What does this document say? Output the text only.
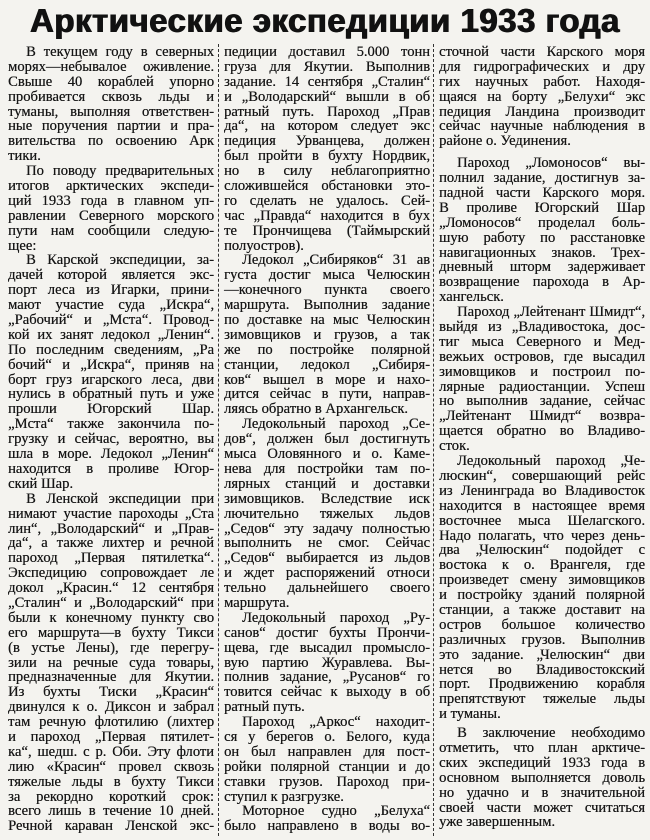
Арктические экспедиции 1933 года
В текущем году в северных
морях—небывалое оживление.
Свыше 40 кораблей упорно
пробивается сквозь льды и
туманы, выполняя ответствен-
ные поручения партии и пра-
вительства по освоению Арк
тики.
По поводу предварительных
итогов арктических экспеди-
ций 1933 года в главном уп-
равлении Северного морского
пути нам сообщили следую-
щее:
В Карской экспедиции, за-
дачей которой является экс-
порт леса из Игарки, прини-
мают участие суда „Искра“,
„Рабочий“ и „Мста“. Провод-
кой их занят ледокол „Ленин“.
По последним сведениям, „Ра
бочий“ и „Искра“, приняв на
борт груз игарского леса, дви
нулись в обратный путь и уже
прошли Югорский Шар.
„Мста“ также закончила по-
грузку и сейчас, вероятно, вы
шла в море. Ледокол „Ленин“
находится в проливе Югор-
ский Шар.
В Ленской экспедиции при
нимают участие пароходы „Ста
лин“, „Володарский“ и „Прав-
да“, а также лихтер и речной
пароход „Первая пятилетка“.
Экспедицию сопровождает ле
докол „Красин.“ 12 сентября
„Сталин“ и „Володарский“ при
были к конечному пункту сво
его маршрута—в бухту Тикси
(в устье Лены), где перегру-
зили на речные суда товары,
предназначенные для Якутии.
Из бухты Тиски „Красин“
двинулся к о. Диксон и забрал
там речную флотилию (лихтер
и пароход „Первая пятилет-
ка“, шедш. с р. Оби. Эту флоти
лию «Красин“ провел сквозь
тяжелые льды в бухту Тикси
за рекордно короткий срок:
всего лишь в течение 10 дней.
Речной караван Ленской экс-
педиции доставил 5.000 тонн
груза для Якутии. Выполнив
задание. 14 сентября „Сталин“
и „Володарский“ вышли в об
ратный путь. Пароход „Прав
да“, на котором следует экс
педиция Урванцева, должен
был пройти в бухту Нордвик,
но в силу неблагоприятно
сложившейся обстановки это-
го сделать не удалось. Сей-
час „Правда“ находится в бух
те Прончищева (Таймырский
полуостров).
Ледокол „Сибиряков“ 31 ав
густа достиг мыса Челюскин
—конечного пункта своего
маршрута. Выполнив задание
по доставке на мыс Челюскин
зимовщиков и грузов, а так
же по постройке полярной
станции, ледокол „Сибиря-
ков“ вышел в море и нахо-
дится сейчас в пути, направ-
ляясь обратно в Архангельск.
Ледокольный пароход „Се-
дов“, должен был достигнуть
мыса Оловянного и о. Каме-
нева для постройки там по-
лярных станций и доставки
зимовщиков. Вследствие иск
лючительно тяжелых льдов
„Седов“ эту задачу полностью
выполнить не смог. Сейчас
„Седов“ выбирается из льдов
и ждет распоряжений относи
тельно дальнейшего своего
маршрута.
Ледокольный пароход „Ру-
санов“ достиг бухты Прончи-
щева, где высадил промысло-
вую партию Журавлева. Вы-
полнив задание, „Русанов“ го
товится сейчас к выходу в об
ратный путь.
Пароход „Аркос“ находит-
ся у берегов о. Белого, куда
он был направлен для пост-
ройки полярной станции и до
ставки грузов. Пароход при-
ступил к разгрузке.
Моторное судно „Белуха“
было направлено в воды во-
сточной части Карского моря
для гидрографических и дру
гих научных работ. Находя-
щаяся на борту „Белухи“ экс
педиция Ландина производит
сейчас научные наблюдения в
районе о. Уединения.
Пароход „Ломоносов“ вы-
полнил задание, достигнув за-
падной части Карского моря.
В проливе Югорский Шар
„Ломоносов“ проделал боль-
шую работу по расстановке
навигационных знаков. Трех-
дневный шторм задерживает
возвращение парохода в Ар-
хангельск.
Пароход „Лейтенант Шмидт“,
выйдя из „Владивостока, дос-
тиг мыса Северного и Мед-
вежьих островов, где высадил
зимовщиков и построил по-
лярные радиостанции. Успеш
но выполнив задание, сейчас
„Лейтенант Шмидт“ возвра-
щается обратно во Владиво-
сток.
Ледокольный пароход „Че-
люскин“, совершающий рейс
из Ленинграда во Владивосток
находится в настоящее время
восточнее мыса Шелагского.
Надо полагать, что через день-
два „Челюскин“ подойдет с
востока к о. Врангеля, где
произведет смену зимовщиков
и постройку зданий полярной
станции, а также доставит на
остров большое количество
различных грузов. Выполнив
это задание. „Челюскин“ дви
нется во Владивостокский
порт. Продвижению корабля
препятствуют тяжелые льды
и туманы.
В заключение необходимо
отметить, что план арктиче-
ских экспедиций 1933 года в
основном выполняется доволь
но удачно и в значительной
своей части может считаться
уже завершенным.
